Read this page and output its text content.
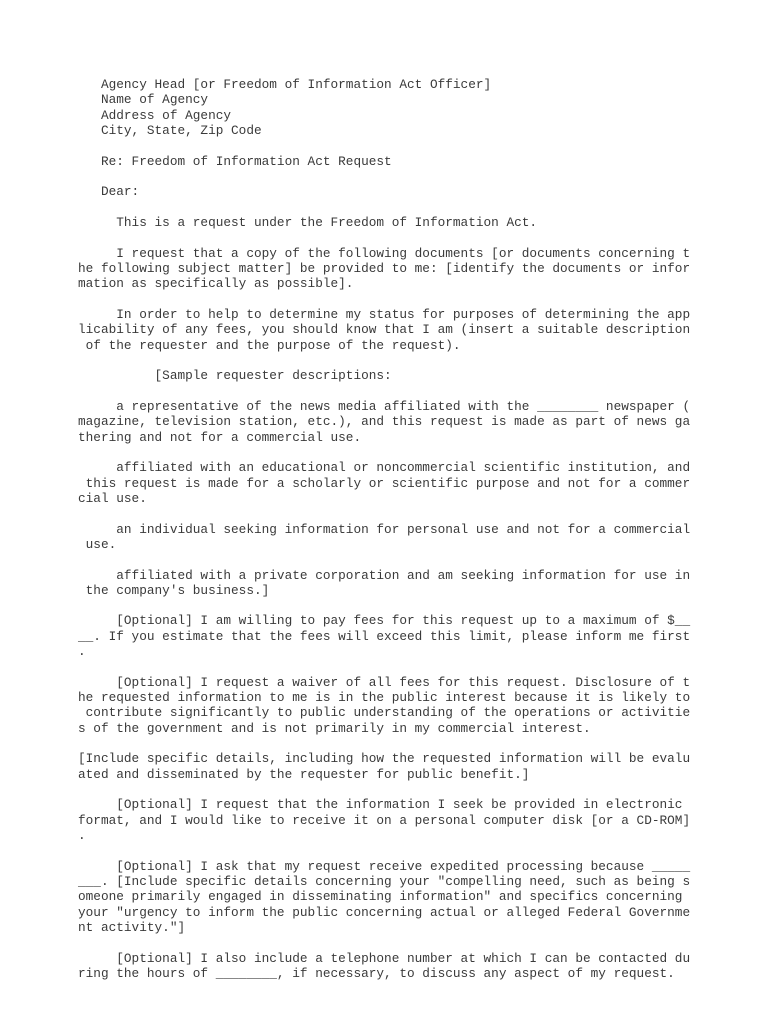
Agency Head [or Freedom of Information Act Officer]
Name of Agency
Address of Agency
City, State, Zip Code
Re: Freedom of Information Act Request
Dear:
This is a request under the Freedom of Information Act.
I request that a copy of the following documents [or documents concerning t
he following subject matter] be provided to me: [identify the documents or infor
mation as specifically as possible].
In order to help to determine my status for purposes of determining the app
licability of any fees, you should know that I am (insert a suitable description
of the requester and the purpose of the request).
[Sample requester descriptions:
a representative of the news media affiliated with the ________ newspaper (
magazine, television station, etc.), and this request is made as part of news ga
thering and not for a commercial use.
affiliated with an educational or noncommercial scientific institution, and
this request is made for a scholarly or scientific purpose and not for a commer
cial use.
an individual seeking information for personal use and not for a commercial
use.
affiliated with a private corporation and am seeking information for use in
the company's business.]
[Optional] I am willing to pay fees for this request up to a maximum of $__
__. If you estimate that the fees will exceed this limit, please inform me first
.
[Optional] I request a waiver of all fees for this request. Disclosure of t
he requested information to me is in the public interest because it is likely to
contribute significantly to public understanding of the operations or activitie
s of the government and is not primarily in my commercial interest.
[Include specific details, including how the requested information will be evalu
ated and disseminated by the requester for public benefit.]
[Optional] I request that the information I seek be provided in electronic
format, and I would like to receive it on a personal computer disk [or a CD-ROM]
.
[Optional] I ask that my request receive expedited processing because _____
___. [Include specific details concerning your "compelling need, such as being s
omeone primarily engaged in disseminating information" and specifics concerning
your "urgency to inform the public concerning actual or alleged Federal Governme
nt activity."]
[Optional] I also include a telephone number at which I can be contacted du
ring the hours of ________, if necessary, to discuss any aspect of my request.
